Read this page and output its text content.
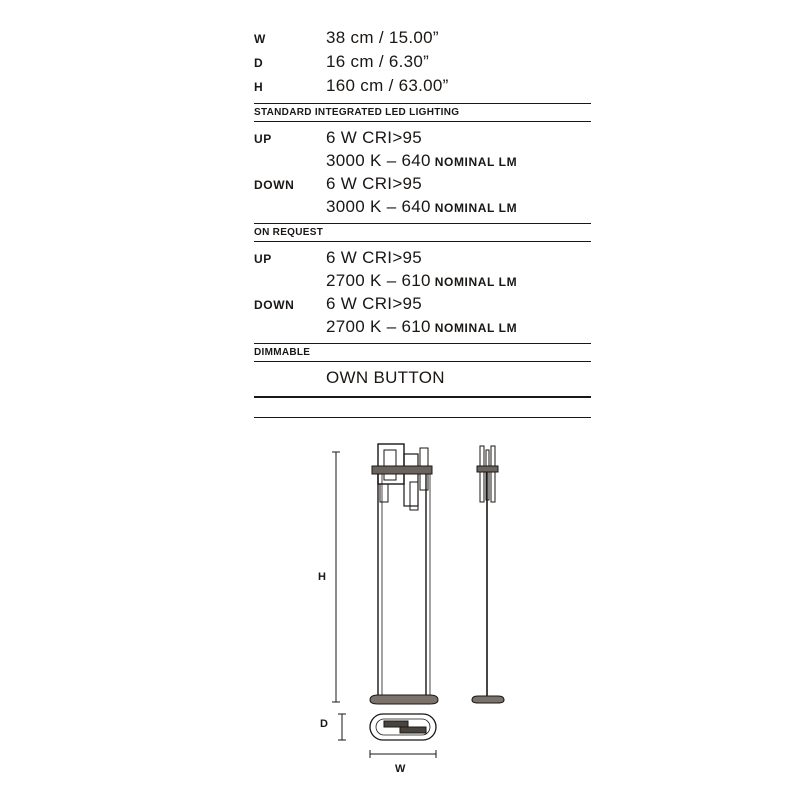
W	38 cm / 15.00”
D	16 cm / 6.30”
H	160 cm / 63.00”
STANDARD INTEGRATED LED LIGHTING
UP	6 W CRI>95
3000 K – 640 NOMINAL LM
DOWN	6 W CRI>95
3000 K – 640 NOMINAL LM
ON REQUEST
UP	6 W CRI>95
2700 K – 610 NOMINAL LM
DOWN	6 W CRI>95
2700 K – 610 NOMINAL LM
DIMMABLE
OWN BUTTON
H
D
W
